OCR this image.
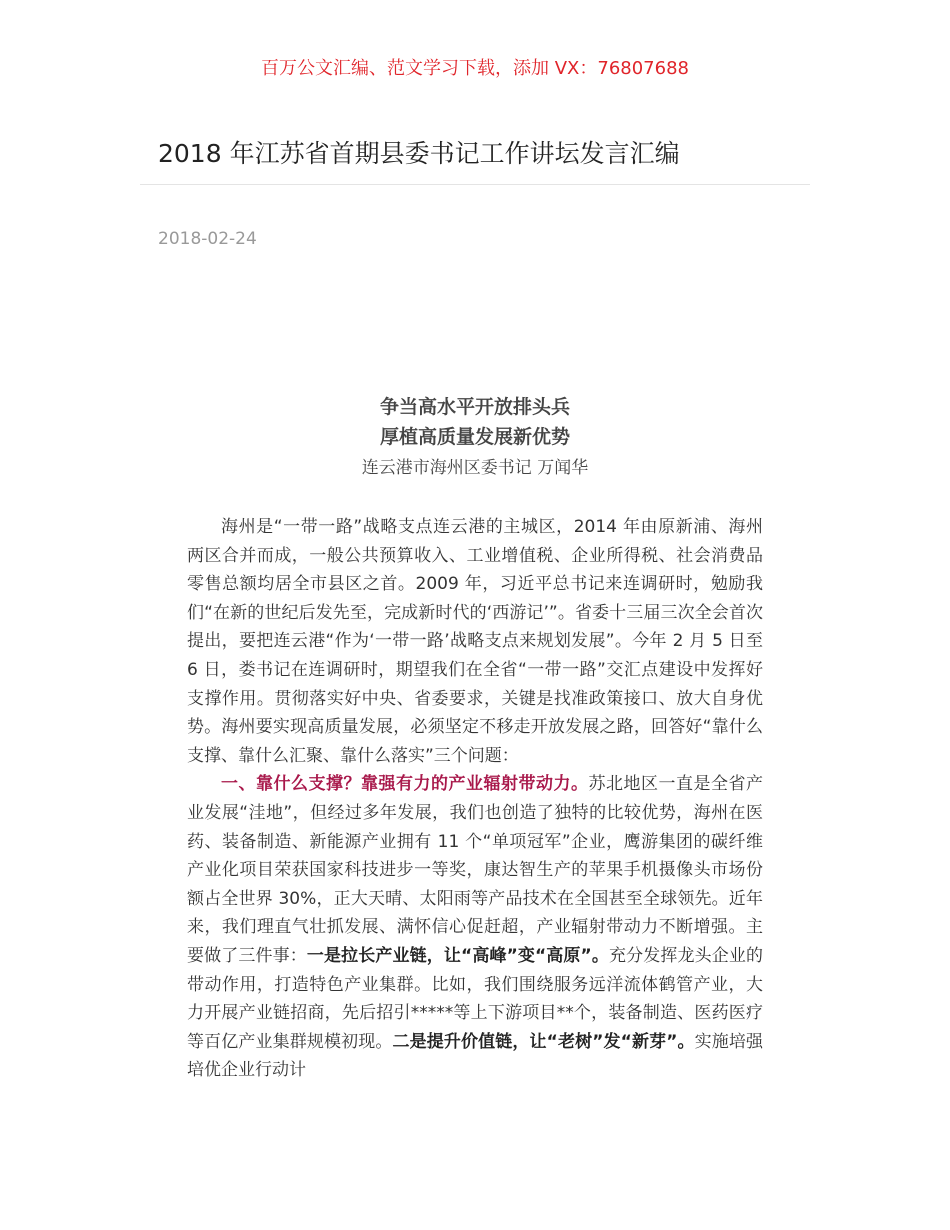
百万公文汇编、范文学习下载，添加 VX：76807688
2018 年江苏省首期县委书记工作讲坛发言汇编
2018-02-24
争当高水平开放排头兵
厚植高质量发展新优势
连云港市海州区委书记 万闻华

海州是“一带一路”战略支点连云港的主城区，2014 年由原新浦、海州两区合并而成，一般公共预算收入、工业增值税、企业所得税、社会消费品零售总额均居全市县区之首。2009 年，习近平总书记来连调研时，勉励我们“在新的世纪后发先至，完成新时代的‘西游记’”。省委十三届三次全会首次提出，要把连云港“作为‘一带一路’战略支点来规划发展”。今年 2 月 5 日至 6 日，娄书记在连调研时，期望我们在全省“一带一路”交汇点建设中发挥好支撑作用。贯彻落实好中央、省委要求，关键是找准政策接口、放大自身优势。海州要实现高质量发展，必须坚定不移走开放发展之路，回答好“靠什么支撑、靠什么汇聚、靠什么落实”三个问题：

一、靠什么支撑？靠强有力的产业辐射带动力。苏北地区一直是全省产业发展“洼地”，但经过多年发展，我们也创造了独特的比较优势，海州在医药、装备制造、新能源产业拥有 11 个“单项冠军”企业，鹰游集团的碳纤维产业化项目荣获国家科技进步一等奖，康达智生产的苹果手机摄像头市场份额占全世界 30%，正大天晴、太阳雨等产品技术在全国甚至全球领先。近年来，我们理直气壮抓发展、满怀信心促赶超，产业辐射带动力不断增强。主要做了三件事：一是拉长产业链，让“高峰”变“高原”。充分发挥龙头企业的带动作用，打造特色产业集群。比如，我们围绕服务远洋流体鹤管产业，大力开展产业链招商，先后招引*****等上下游项目**个，装备制造、医药医疗等百亿产业集群规模初现。二是提升价值链，让“老树”发“新芽”。实施培强培优企业行动计
